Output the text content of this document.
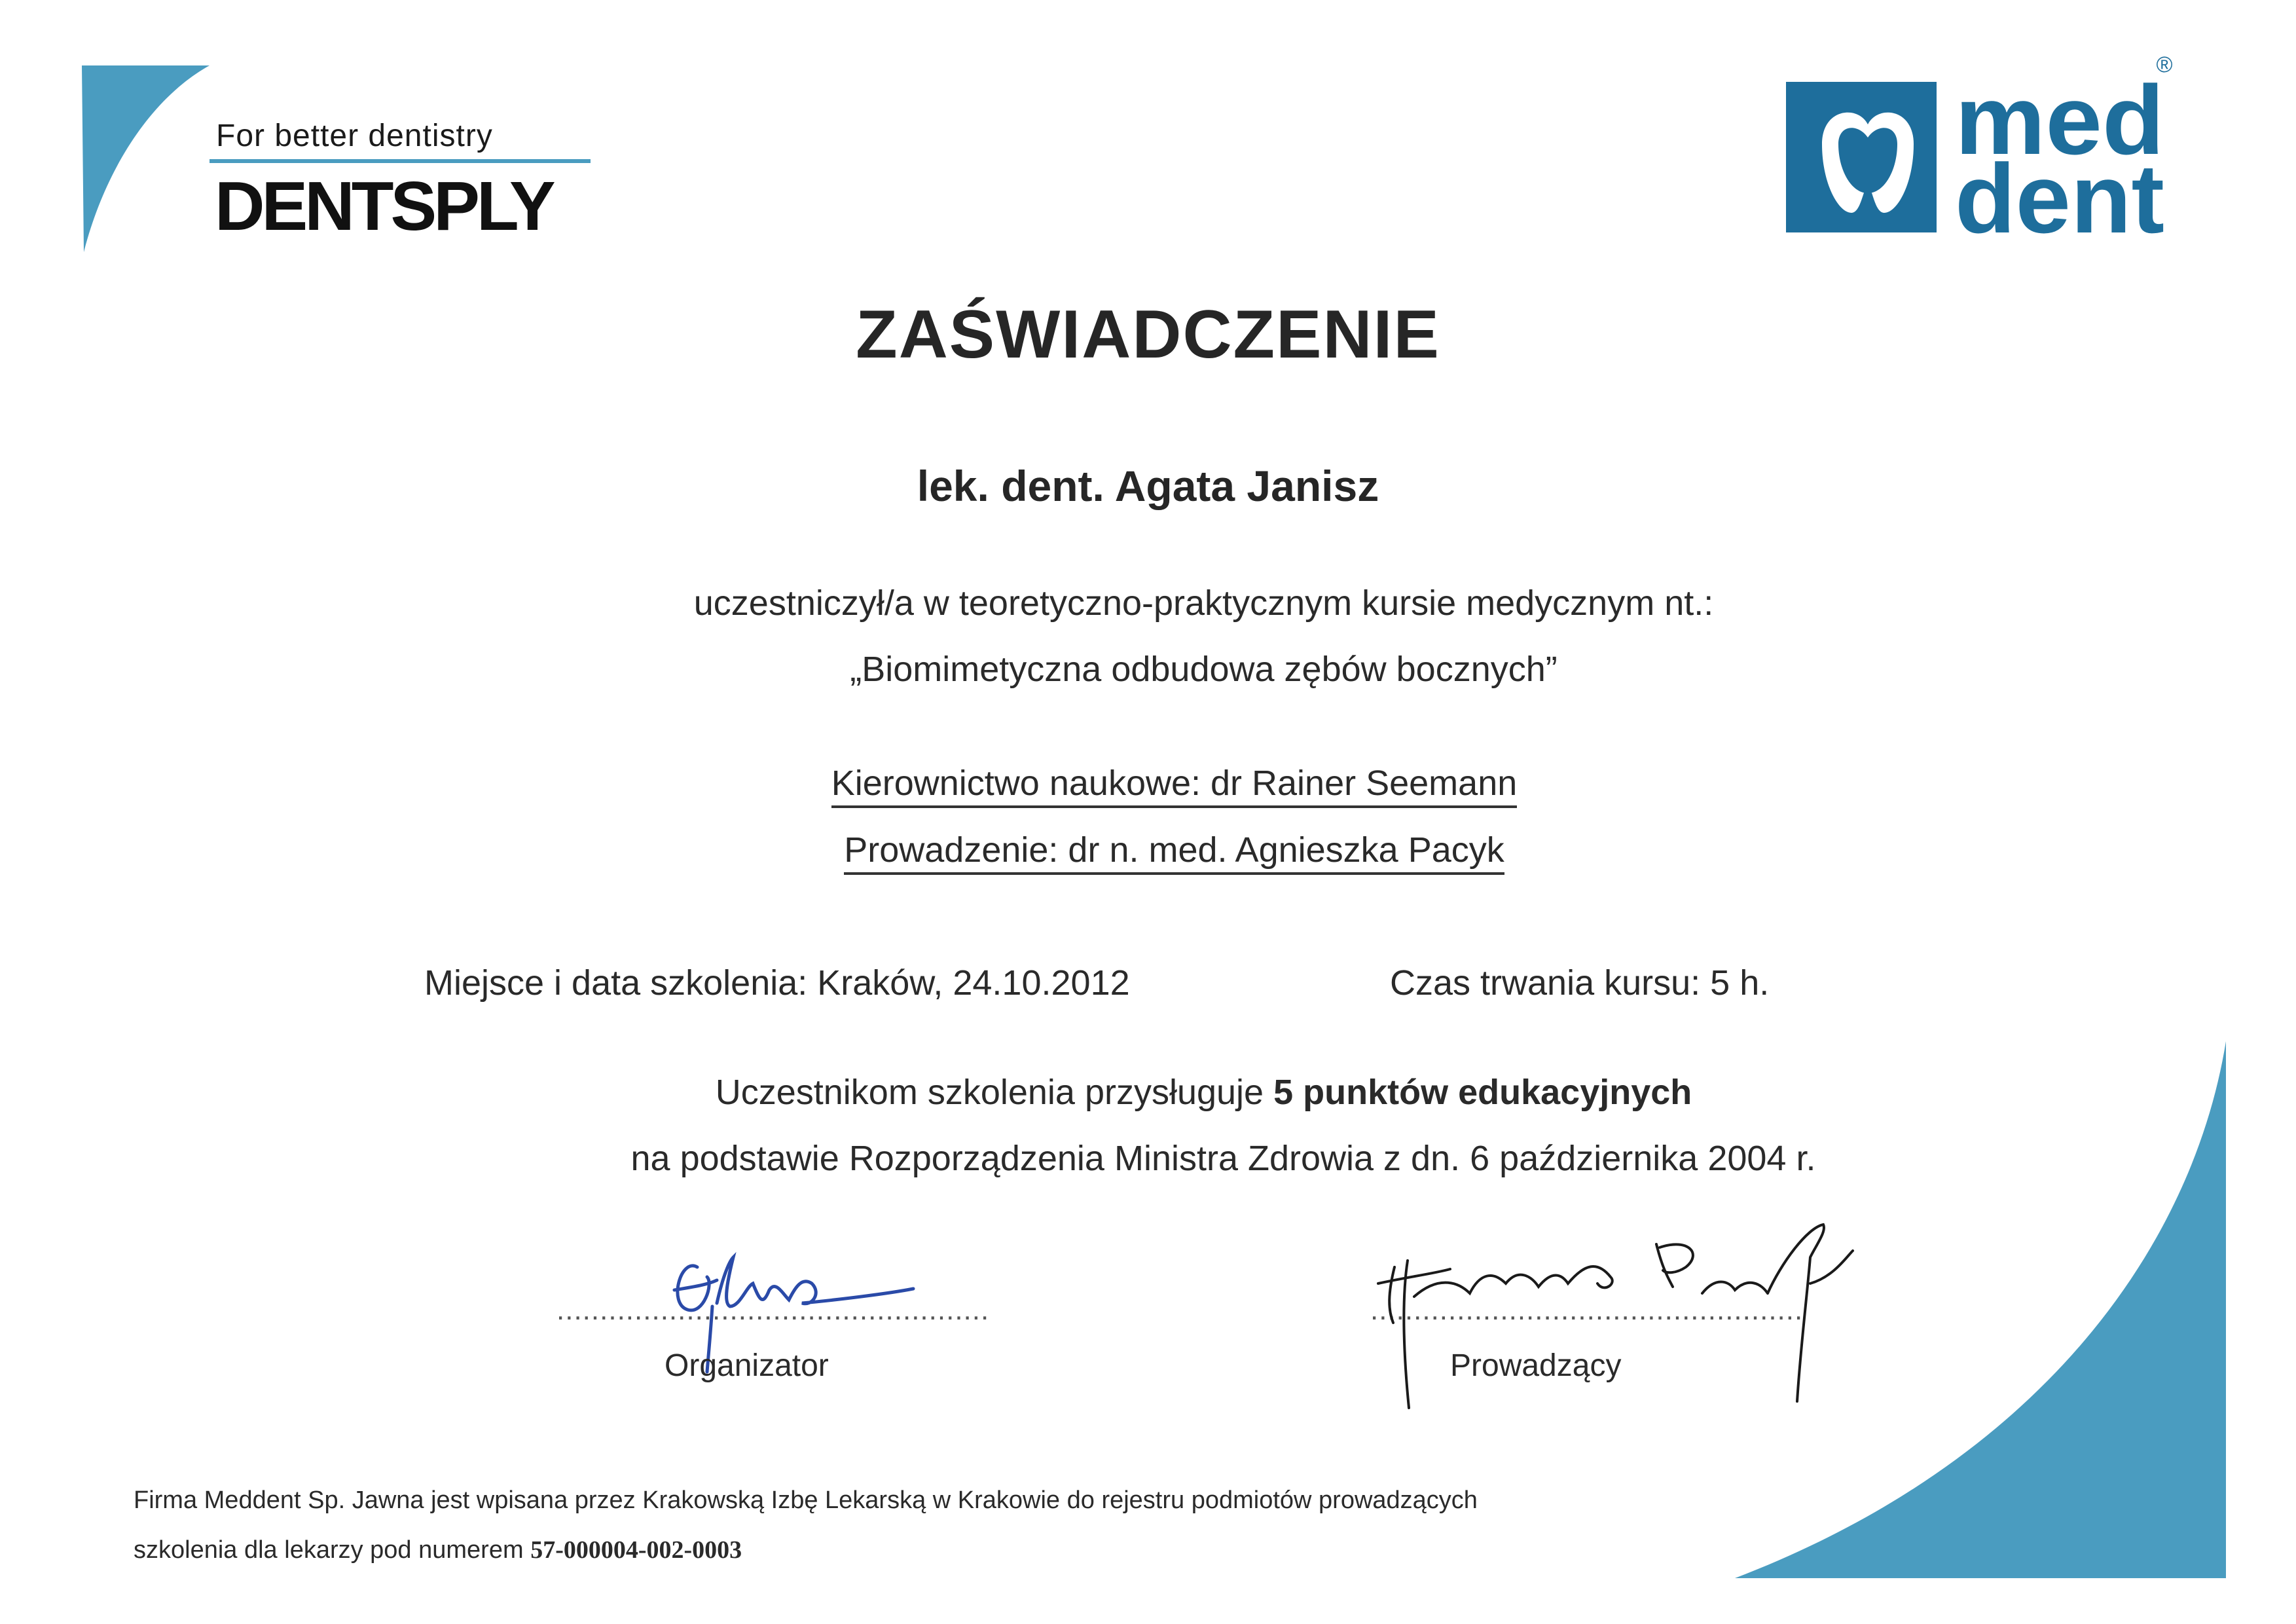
For better dentistry
DENTSPLY
med
dent
®
ZAŚWIADCZENIE
lek. dent. Agata Janisz
uczestniczył/a w teoretyczno-praktycznym kursie medycznym nt.:
„Biomimetyczna odbudowa zębów bocznych”
Kierownictwo naukowe: dr Rainer Seemann
Prowadzenie: dr n. med. Agnieszka Pacyk
Miejsce i data szkolenia: Kraków, 24.10.2012	Czas trwania kursu: 5 h.
Uczestnikom szkolenia przysługuje 5 punktów edukacyjnych
na podstawie Rozporządzenia Ministra Zdrowia z dn. 6 października 2004 r.
..................................................	..................................................
Organizator	Prowadzący
Firma Meddent Sp. Jawna jest wpisana przez Krakowską Izbę Lekarską w Krakowie do rejestru podmiotów prowadzących
szkolenia dla lekarzy pod numerem 57-000004-002-0003
